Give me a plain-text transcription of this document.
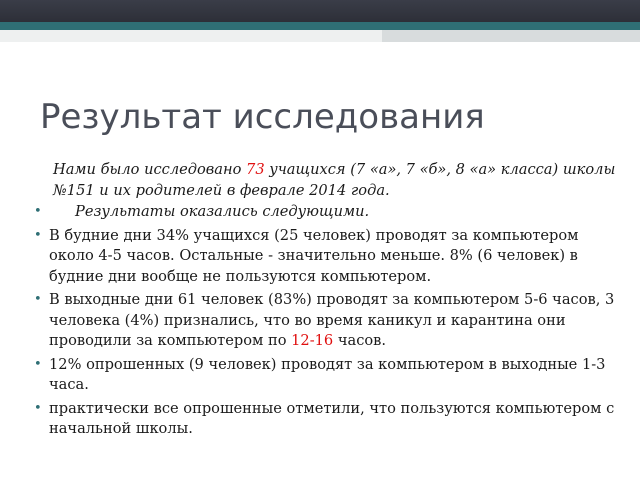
Результат исследования

Нами было исследовано 73 учащихся (7 «а», 7 «б», 8 «а» класса) школы №151 и их родителей в феврале 2014 года.

•	Результаты оказались следующими.
• В будние дни 34% учащихся (25 человек) проводят за компьютером около 4-5 часов. Остальные - значительно меньше. 8% (6 человек) в будние дни вообще не пользуются компьютером.
• В выходные дни 61 человек (83%) проводят за компьютером 5-6 часов, 3 человека (4%) признались, что во время каникул и карантина они проводили за компьютером по 12-16 часов.
• 12% опрошенных (9 человек) проводят за компьютером в выходные 1-3 часа.
• практически все опрошенные отметили, что пользуются компьютером с начальной школы.
